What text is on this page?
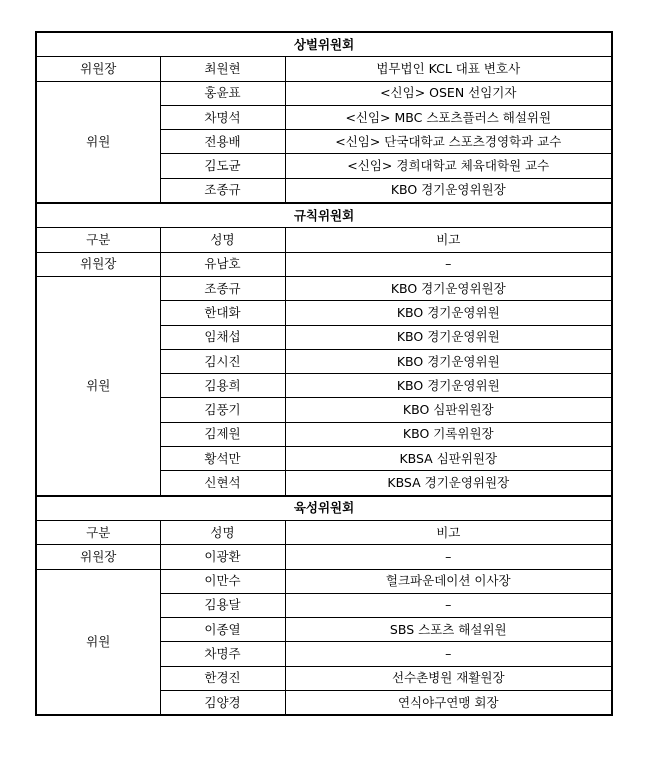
상벌위원회		
위원장	최원현	법무법인 KCL 대표 변호사
위원	홍윤표	<신임> OSEN 선임기자
	차명석	<신임> MBC 스포츠플러스 해설위원
	전용배	<신임> 단국대학교 스포츠경영학과 교수
	김도균	<신임> 경희대학교 체육대학원 교수
	조종규	KBO 경기운영위원장
규칙위원회		
구분	성명	비고
위원장	유남호	–
위원	조종규	KBO 경기운영위원장
	한대화	KBO 경기운영위원
	임채섭	KBO 경기운영위원
	김시진	KBO 경기운영위원
	김용희	KBO 경기운영위원
	김풍기	KBO 심판위원장
	김제원	KBO 기록위원장
	황석만	KBSA 심판위원장
	신현석	KBSA 경기운영위원장
육성위원회		
구분	성명	비고
위원장	이광환	–
위원	이만수	헐크파운데이션 이사장
	김용달	–
	이종열	SBS 스포츠 해설위원
	차명주	–
	한경진	선수촌병원 재활원장
	김양경	연식야구연맹 회장
